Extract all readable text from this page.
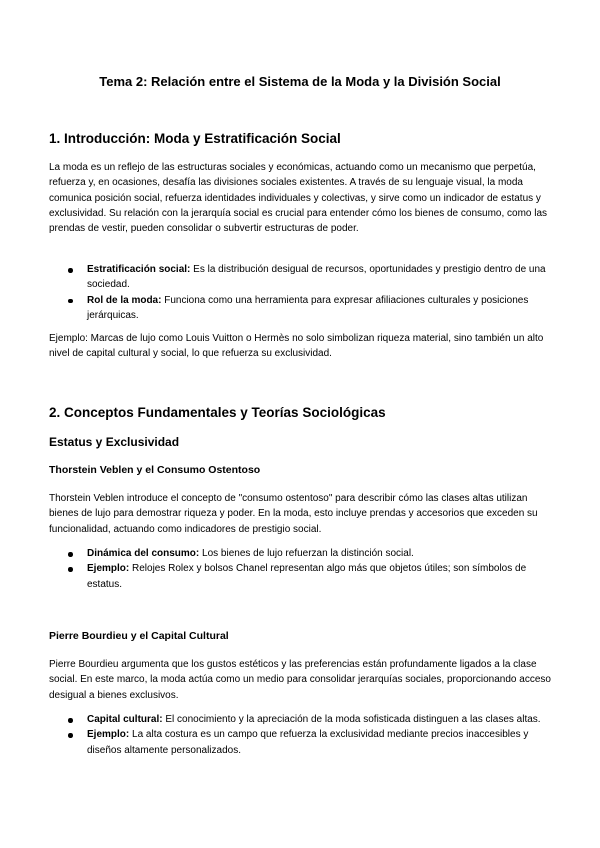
Tema 2: Relación entre el Sistema de la Moda y la División Social
1. Introducción: Moda y Estratificación Social
La moda es un reflejo de las estructuras sociales y económicas, actuando como un mecanismo que perpetúa, refuerza y, en ocasiones, desafía las divisiones sociales existentes. A través de su lenguaje visual, la moda comunica posición social, refuerza identidades individuales y colectivas, y sirve como un indicador de estatus y exclusividad. Su relación con la jerarquía social es crucial para entender cómo los bienes de consumo, como las prendas de vestir, pueden consolidar o subvertir estructuras de poder.
Estratificación social: Es la distribución desigual de recursos, oportunidades y prestigio dentro de una sociedad.
Rol de la moda: Funciona como una herramienta para expresar afiliaciones culturales y posiciones jerárquicas.
Ejemplo: Marcas de lujo como Louis Vuitton o Hermès no solo simbolizan riqueza material, sino también un alto nivel de capital cultural y social, lo que refuerza su exclusividad.
2. Conceptos Fundamentales y Teorías Sociológicas
Estatus y Exclusividad
Thorstein Veblen y el Consumo Ostentoso
Thorstein Veblen introduce el concepto de "consumo ostentoso" para describir cómo las clases altas utilizan bienes de lujo para demostrar riqueza y poder. En la moda, esto incluye prendas y accesorios que exceden su funcionalidad, actuando como indicadores de prestigio social.
Dinámica del consumo: Los bienes de lujo refuerzan la distinción social.
Ejemplo: Relojes Rolex y bolsos Chanel representan algo más que objetos útiles; son símbolos de estatus.
Pierre Bourdieu y el Capital Cultural
Pierre Bourdieu argumenta que los gustos estéticos y las preferencias están profundamente ligados a la clase social. En este marco, la moda actúa como un medio para consolidar jerarquías sociales, proporcionando acceso desigual a bienes exclusivos.
Capital cultural: El conocimiento y la apreciación de la moda sofisticada distinguen a las clases altas.
Ejemplo: La alta costura es un campo que refuerza la exclusividad mediante precios inaccesibles y diseños altamente personalizados.
